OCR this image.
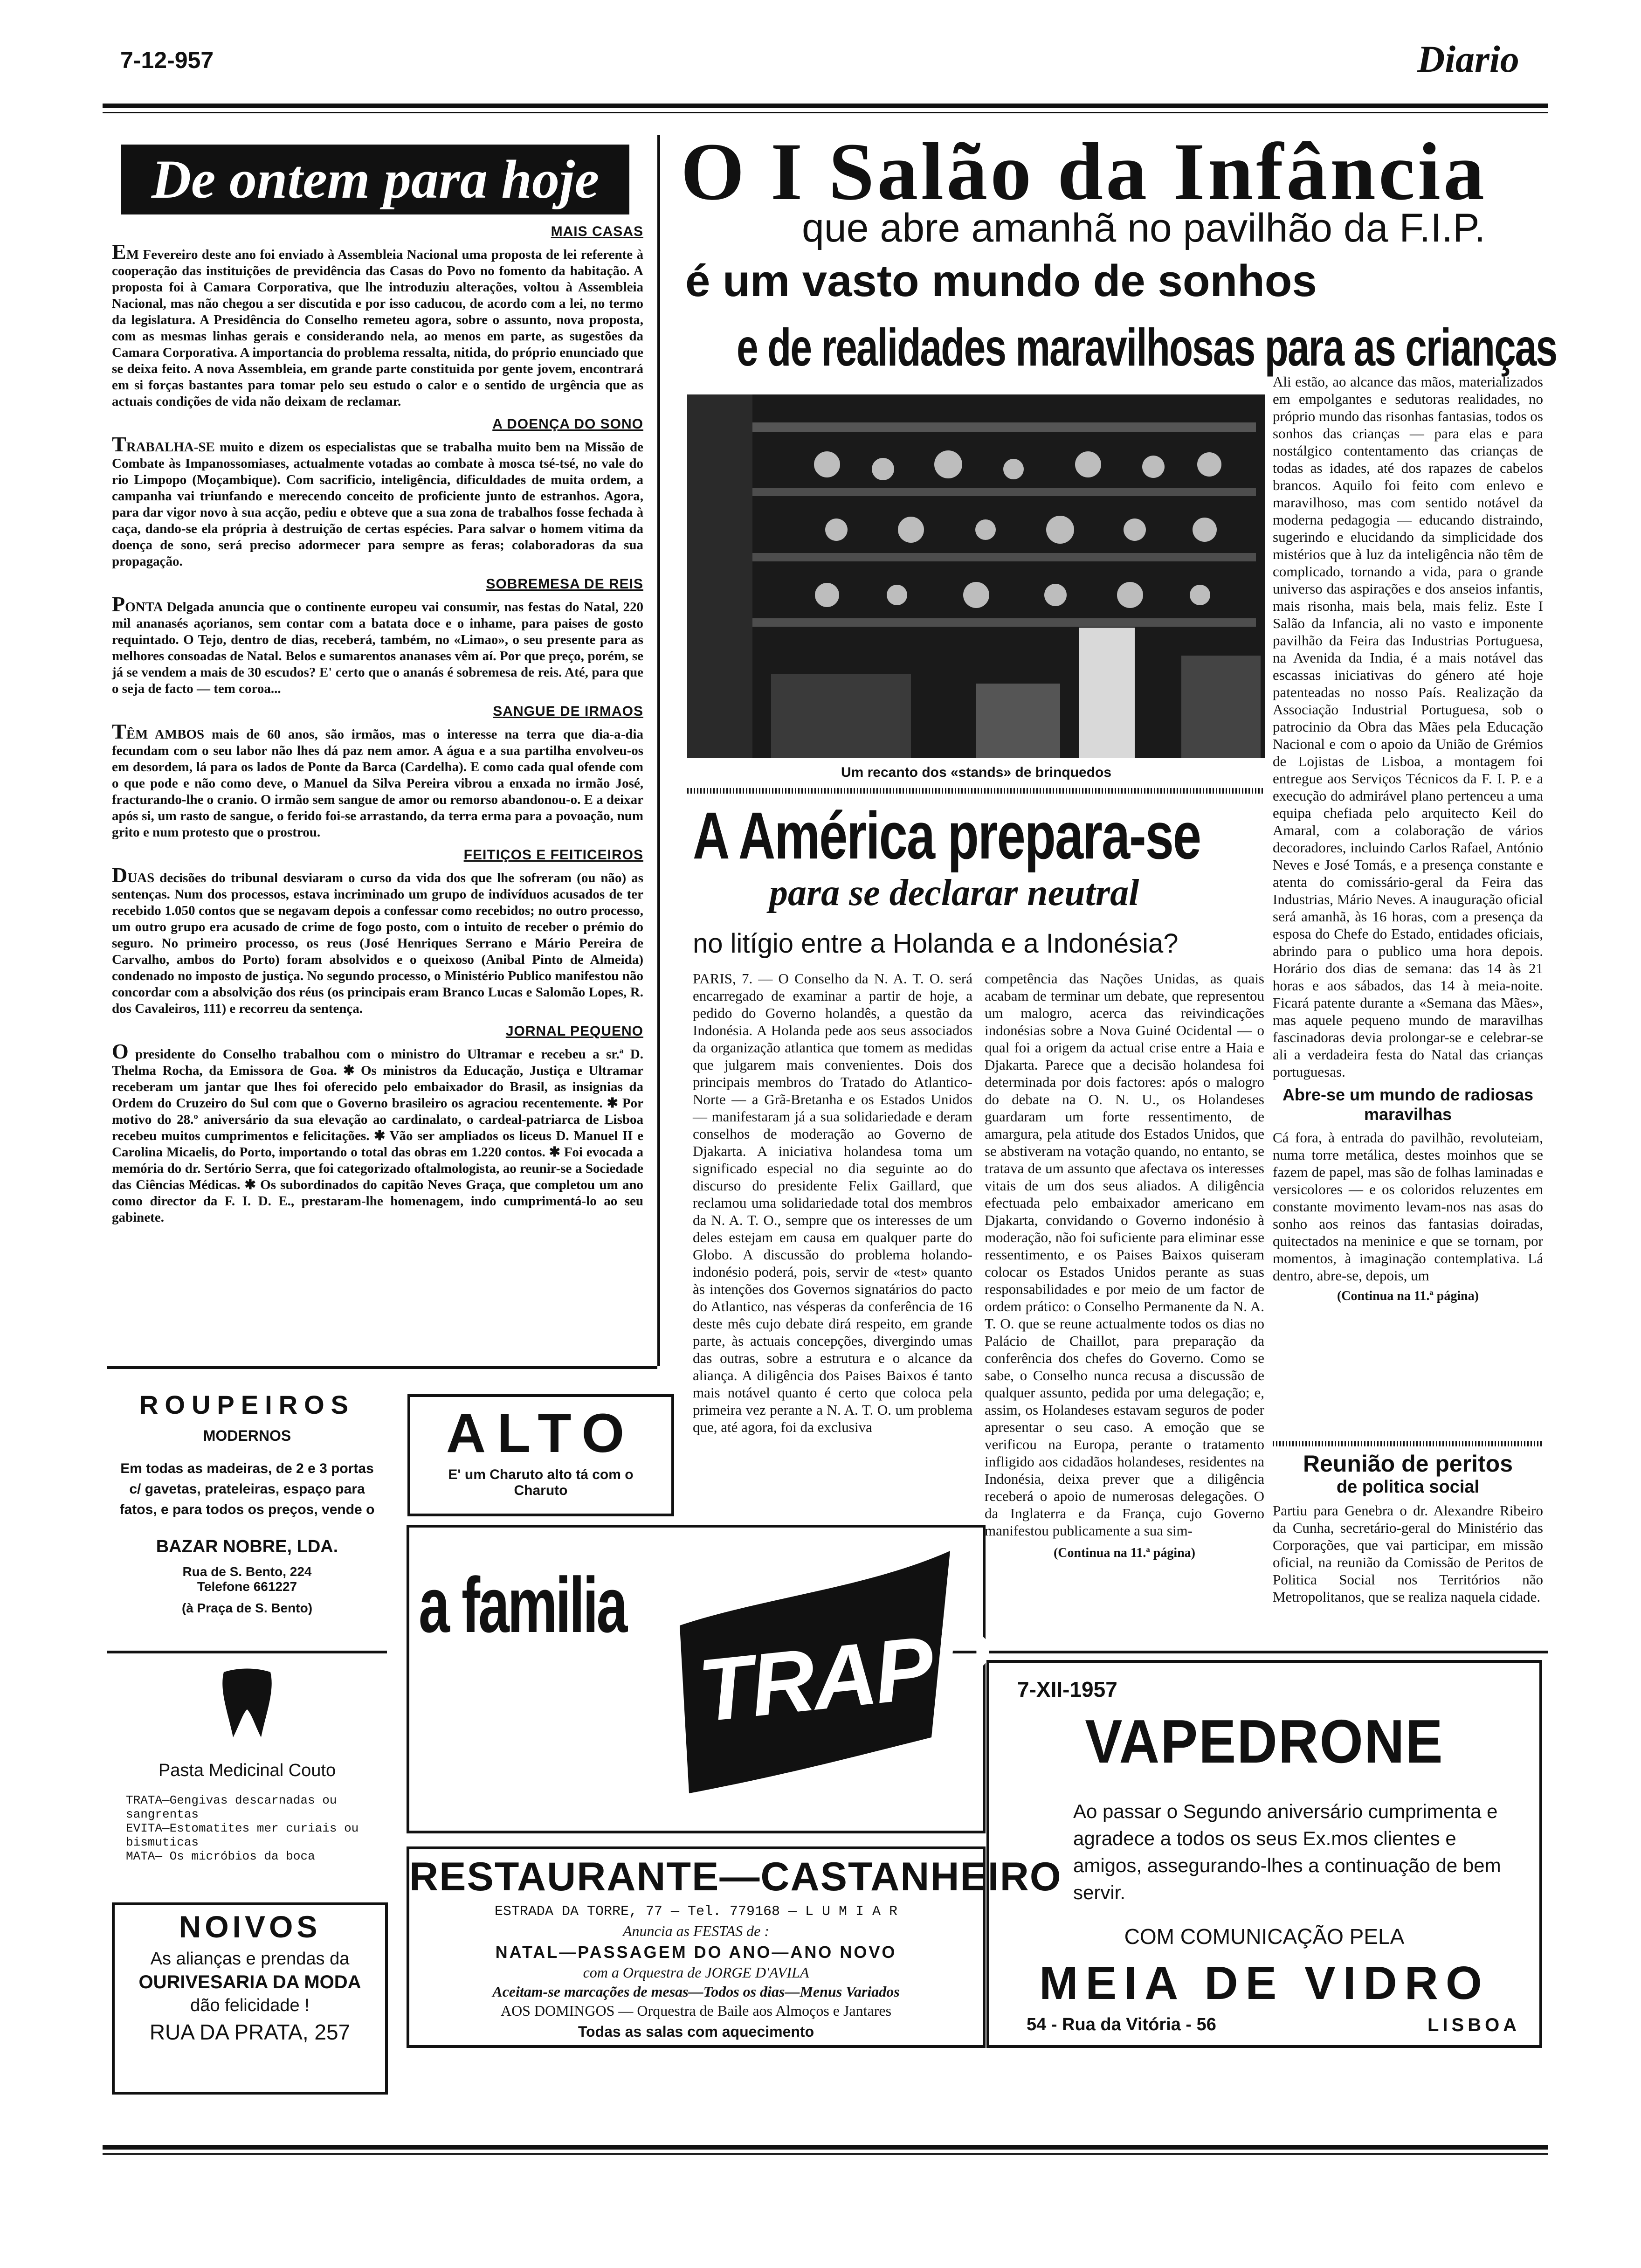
7-12-957	Diario
De ontem para hoje
MAIS CASAS
EM Fevereiro deste ano foi enviado à Assembleia Nacional uma proposta de lei referente à cooperação das instituições de previdência das Casas do Povo no fomento da habitação. A proposta foi à Camara Corporativa, que lhe introduziu alterações, voltou à Assembleia Nacional, mas não chegou a ser discutida e por isso caducou, de acordo com a lei, no termo da legislatura. A Presidência do Conselho remeteu agora, sobre o assunto, nova proposta, com as mesmas linhas gerais e considerando nela, ao menos em parte, as sugestões da Camara Corporativa. A importancia do problema ressalta, nitida, do próprio enunciado que se deixa feito. A nova Assembleia, em grande parte constituida por gente jovem, encontrará em si forças bastantes para tomar pelo seu estudo o calor e o sentido de urgência que as actuais condições de vida não deixam de reclamar.
A DOENÇA DO SONO
TRABALHA-SE muito e dizem os especialistas que se trabalha muito bem na Missão de Combate às Impanossomiases, actualmente votadas ao combate à mosca tsé-tsé, no vale do rio Limpopo (Moçambique). Com sacrificio, inteligência, dificuldades de muita ordem, a campanha vai triunfando e merecendo conceito de proficiente junto de estranhos. Agora, para dar vigor novo à sua acção, pediu e obteve que a sua zona de trabalhos fosse fechada à caça, dando-se ela própria à destruição de certas espécies. Para salvar o homem vitima da doença de sono, será preciso adormecer para sempre as feras; colaboradoras da sua propagação.
SOBREMESA DE REIS
PONTA Delgada anuncia que o continente europeu vai consumir, nas festas do Natal, 220 mil ananasés açorianos, sem contar com a batata doce e o inhame, para paises de gosto requintado. O Tejo, dentro de dias, receberá, também, no «Limao», o seu presente para as melhores consoadas de Natal. Belos e sumarentos ananases vêm aí. Por que preço, porém, se já se vendem a mais de 30 escudos? E' certo que o ananás é sobremesa de reis. Até, para que o seja de facto — tem coroa...
SANGUE DE IRMAOS
TÊM AMBOS mais de 60 anos, são irmãos, mas o interesse na terra que dia-a-dia fecundam com o seu labor não lhes dá paz nem amor. A água e a sua partilha envolveu-os em desordem, lá para os lados de Ponte da Barca (Cardelha). E como cada qual ofende com o que pode e não como deve, o Manuel da Silva Pereira vibrou a enxada no irmão José, fracturando-lhe o cranio. O irmão sem sangue de amor ou remorso abandonou-o. E a deixar após si, um rasto de sangue, o ferido foi-se arrastando, da terra erma para a povoação, num grito e num protesto que o prostrou.
FEITIÇOS E FEITICEIROS
DUAS decisões do tribunal desviaram o curso da vida dos que lhe sofreram (ou não) as sentenças. Num dos processos, estava incriminado um grupo de indivíduos acusados de ter recebido 1.050 contos que se negavam depois a confessar como recebidos; no outro processo, um outro grupo era acusado de crime de fogo posto, com o intuito de receber o prémio do seguro. No primeiro processo, os reus (José Henriques Serrano e Mário Pereira de Carvalho, ambos do Porto) foram absolvidos e o queixoso (Anibal Pinto de Almeida) condenado no imposto de justiça. No segundo processo, o Ministério Publico manifestou não concordar com a absolvição dos réus (os principais eram Branco Lucas e Salomão Lopes, R. dos Cavaleiros, 111) e recorreu da sentença.
JORNAL PEQUENO
O presidente do Conselho trabalhou com o ministro do Ultramar e recebeu a sr.ª D. Thelma Rocha, da Emissora de Goa. ✱ Os ministros da Educação, Justiça e Ultramar receberam um jantar que lhes foi oferecido pelo embaixador do Brasil, as insignias da Ordem do Cruzeiro do Sul com que o Governo brasileiro os agraciou recentemente. ✱ Por motivo do 28.º aniversário da sua elevação ao cardinalato, o cardeal-patriarca de Lisboa recebeu muitos cumprimentos e felicitações. ✱ Vão ser ampliados os liceus D. Manuel II e Carolina Micaelis, do Porto, importando o total das obras em 1.220 contos. ✱ Foi evocada a memória do dr. Sertório Serra, que foi categorizado oftalmologista, ao reunir-se a Sociedade das Ciências Médicas. ✱ Os subordinados do capitão Neves Graça, que completou um ano como director da F. I. D. E., prestaram-lhe homenagem, indo cumprimentá-lo ao seu gabinete.
O I Salão da Infância
que abre amanhã no pavilhão da F.I.P.
é um vasto mundo de sonhos
e de realidades maravilhosas para as crianças
Um recanto dos «stands» de brinquedos
Ali estão, ao alcance das mãos, materializados em empolgantes e sedutoras realidades, no próprio mundo das risonhas fantasias, todos os sonhos das crianças — para elas e para nostálgico contentamento das crianças de todas as idades, até dos rapazes de cabelos brancos. Aquilo foi feito com enlevo e maravilhoso, mas com sentido notável da moderna pedagogia — educando distraindo, sugerindo e elucidando da simplicidade dos mistérios que à luz da inteligência não têm de complicado, tornando a vida, para o grande universo das aspirações e dos anseios infantis, mais risonha, mais bela, mais feliz. Este I Salão da Infancia, ali no vasto e imponente pavilhão da Feira das Industrias Portuguesa, na Avenida da India, é a mais notável das escassas iniciativas do género até hoje patenteadas no nosso País. Realização da Associação Industrial Portuguesa, sob o patrocinio da Obra das Mães pela Educação Nacional e com o apoio da União de Grémios de Lojistas de Lisboa, a montagem foi entregue aos Serviços Técnicos da F. I. P. e a execução do admirável plano pertenceu a uma equipa chefiada pelo arquitecto Keil do Amaral, com a colaboração de vários decoradores, incluindo Carlos Rafael, António Neves e José Tomás, e a presença constante e atenta do comissário-geral da Feira das Industrias, Mário Neves. A inauguração oficial será amanhã, às 16 horas, com a presença da esposa do Chefe do Estado, entidades oficiais, abrindo para o publico uma hora depois. Horário dos dias de semana: das 14 às 21 horas e aos sábados, das 14 à meia-noite. Ficará patente durante a «Semana das Mães», mas aquele pequeno mundo de maravilhas fascinadoras deviа prolongar-se e celebrar-se ali a verdadeira festa do Natal das crianças portuguesas.
Abre-se um mundo de radiosas maravilhas
Cá fora, à entrada do pavilhão, revoluteiam, numa torre metálica, destes moinhos que se fazem de papel, mas são de folhas laminadas e versicolores — e os coloridos reluzentes em constante movimento levam-nos nas asas do sonho aos reinos das fantasias doiradas, quitectados na meninice e que se tornam, por momentos, à imaginação contemplativa. Lá dentro, abre-se, depois, um
(Continua na 11.ª página)
A América prepara-se
para se declarar neutral
no litígio entre a Holanda e a Indonésia?
PARIS, 7. — O Conselho da N. A. T. O. será encarregado de examinar a partir de hoje, a pedido do Governo holandês, a questão da Indonésia. A Holanda pede aos seus associados da organização atlantica que tomem as medidas que julgarem mais convenientes. Dois dos principais membros do Tratado do Atlantico-Norte — a Grã-Bretanha e os Estados Unidos — manifestaram já a sua solidariedade e deram conselhos de moderação ao Governo de Djakarta. A iniciativa holandesa toma um significado especial no dia seguinte ao do discurso do presidente Felix Gaillard, que reclamou uma solidariedade total dos membros da N. A. T. O., sempre que os interesses de um deles estejam em causa em qualquer parte do Globo. A discussão do problema holando-indonésio poderá, pois, servir de «test» quanto às intenções dos Governos signatários do pacto do Atlantico, nas vésperas da conferência de 16 deste mês cujo debate dirá respeito, em grande parte, às actuais concepções, divergindo umas das outras, sobre a estrutura e o alcance da aliança. A diligência dos Paises Baixos é tanto mais notável quanto é certo que coloca pela primeira vez perante a N. A. T. O. um problema que, até agora, foi da exclusiva
competência das Nações Unidas, as quais acabam de terminar um debate, que representou um malogro, acerca das reivindicações indonésias sobre a Nova Guiné Ocidental — o qual foi a origem da actual crise entre a Haia e Djakarta. Parece que a decisão holandesa foi determinada por dois factores: após o malogro do debate na O. N. U., os Holandeses guardaram um forte ressentimento, de amargura, pela atitude dos Estados Unidos, que se abstiveram na votação quando, no entanto, se tratava de um assunto que afectava os interesses vitais de um dos seus aliados. A diligência efectuada pelo embaixador americano em Djakarta, convidando o Governo indonésio à moderação, não foi suficiente para eliminar esse ressentimento, e os Paises Baixos quiseram colocar os Estados Unidos perante as suas responsabilidades e por meio de um factor de ordem prático: o Conselho Permanente da N. A. T. O. que se reune actualmente todos os dias no Palácio de Chaillot, para preparação da conferência dos chefes do Governo. Como se sabe, o Conselho nunca recusa a discussão de qualquer assunto, pedida por uma delegação; e, assim, os Holandeses estavam seguros de poder apresentar o seu caso. A emoção que se verificou na Europa, perante o tratamento infligido aos cidadãos holandeses, residentes na Indonésia, deixa prever que a diligência receberá o apoio de numerosas delegações. O da Inglaterra e da França, cujo Governo manifestou publicamente a sua sim-
(Continua na 11.ª página)
Reunião de peritos
de politica social
Partiu para Genebra o dr. Alexandre Ribeiro da Cunha, secretário-geral do Ministério das Corporações, que vai participar, em missão oficial, na reunião da Comissão de Peritos de Politica Social nos Territórios não Metropolitanos, que se realiza naquela cidade.
ROUPEIROS
MODERNOS
Em todas as madeiras, de 2 e 3 portas c/ gavetas, prateleiras, espaço para fatos, e para todos os preços, vende o
BAZAR NOBRE, LDA.
Rua de S. Bento, 224
Telefone 661227
(à Praça de S. Bento)
ALTO
E' um Charuto alto tá com o Charuto
Pasta Medicinal Couto
TRATA—Gengivas descarnadas ou sangrentas
EVITA—Estomatites mer curiais ou bismuticas
MATA— Os micróbios da boca
NOIVOS
As alianças e prendas da
OURIVESARIA DA MODA
dão felicidade !
RUA DA PRATA, 257
a familia
TRAPP
RESTAURANTE—CASTANHEIRO
ESTRADA DA TORRE, 77 — Tel. 779168 — L U M I A R
Anuncia as FESTAS de :
NATAL—PASSAGEM DO ANO—ANO NOVO
com a Orquestra de JORGE D'AVILA
Aceitam-se marcações de mesas—Todos os dias—Menus Variados
AOS DOMINGOS — Orquestra de Baile aos Almoços e Jantares
Todas as salas com aquecimento
7-XII-1957
VAPEDRONE
Ao passar o Segundo aniversário cumprimenta e agradece a todos os seus Ex.mos clientes e amigos, assegurando-lhes a continuação de bem servir.
COM COMUNICAÇÃO PELA
MEIA DE VIDRO
54 - Rua da Vitória - 56	LISBOA
